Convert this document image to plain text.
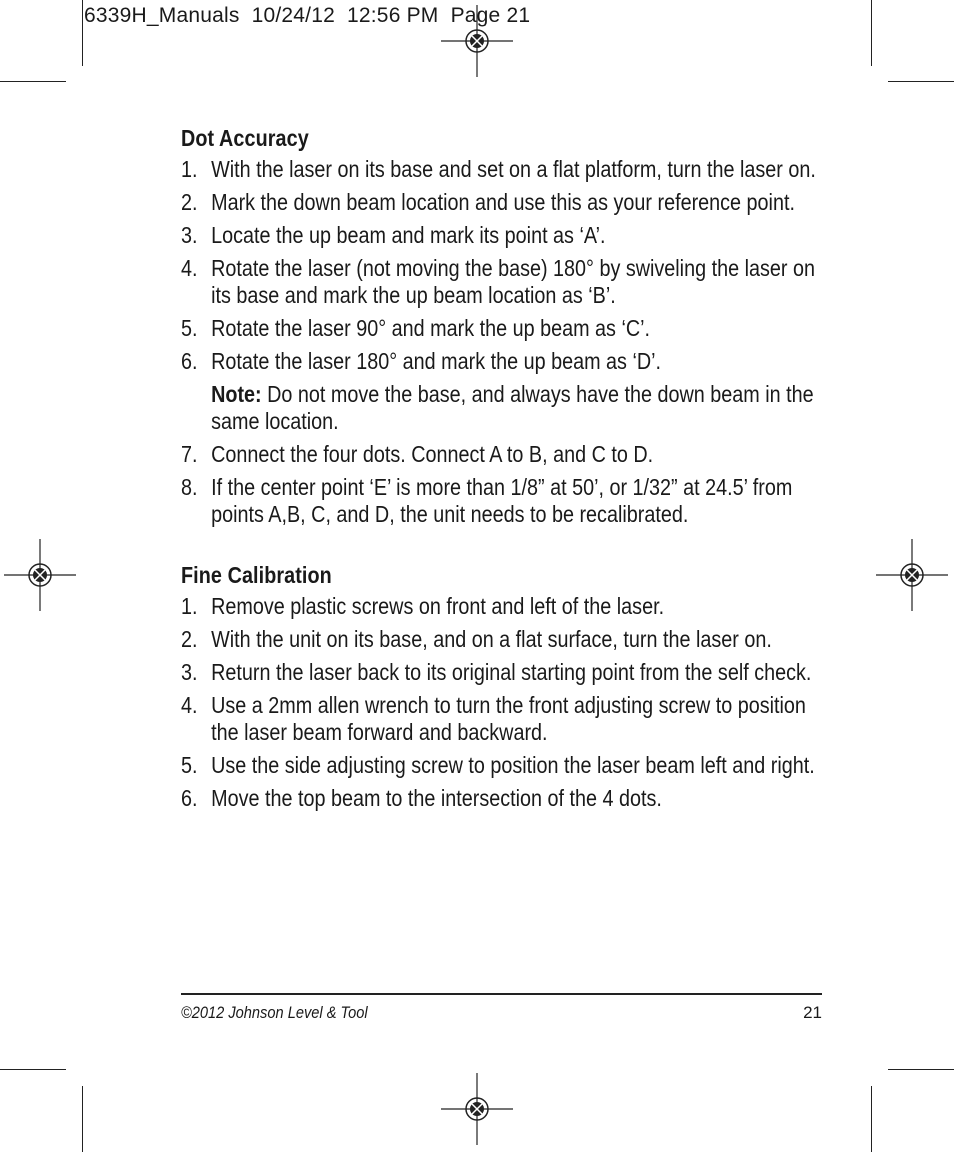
6339H_Manuals  10/24/12  12:56 PM  Page 21
Dot Accuracy
1. With the laser on its base and set on a flat platform, turn the laser on.
2. Mark the down beam location and use this as your reference point.
3. Locate the up beam and mark its point as ‘A’.
4. Rotate the laser (not moving the base) 180° by swiveling the laser on its base and mark the up beam location as ‘B’.
5. Rotate the laser 90° and mark the up beam as ‘C’.
6. Rotate the laser 180° and mark the up beam as ‘D’.
Note: Do not move the base, and always have the down beam in the same location.
7. Connect the four dots. Connect A to B, and C to D.
8. If the center point ‘E’ is more than 1/8” at 50’, or 1/32” at 24.5’ from points A,B, C, and D, the unit needs to be recalibrated.
Fine Calibration
1. Remove plastic screws on front and left of the laser.
2. With the unit on its base, and on a flat surface, turn the laser on.
3. Return the laser back to its original starting point from the self check.
4. Use a 2mm allen wrench to turn the front adjusting screw to position the laser beam forward and backward.
5. Use the side adjusting screw to position the laser beam left and right.
6. Move the top beam to the intersection of the 4 dots.
©2012 Johnson Level & Tool	21
